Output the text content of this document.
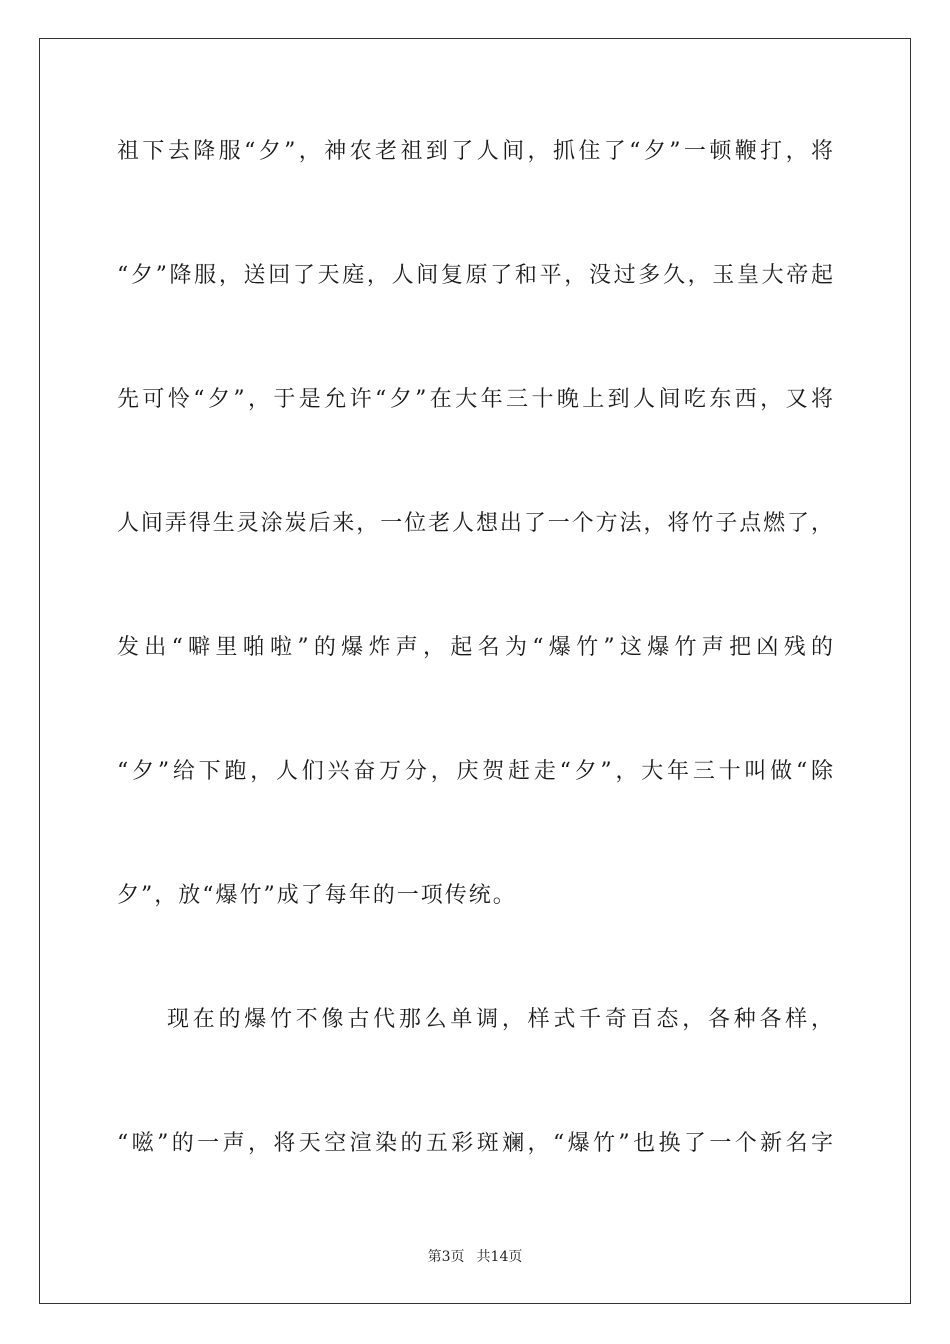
祖下去降服“夕”，神农老祖到了人间，抓住了“夕”一顿鞭打，将
“夕”降服，送回了天庭，人间复原了和平，没过多久，玉皇大帝起
先可怜“夕”，于是允许“夕”在大年三十晚上到人间吃东西，又将
人间弄得生灵涂炭后来，一位老人想出了一个方法，将竹子点燃了，
发出“噼里啪啦”的爆炸声，起名为“爆竹”这爆竹声把凶残的
“夕”给下跑，人们兴奋万分，庆贺赶走“夕”，大年三十叫做“除
夕”，放“爆竹”成了每年的一项传统。
现在的爆竹不像古代那么单调，样式千奇百态，各种各样，
“嗞”的一声，将天空渲染的五彩斑斓，“爆竹”也换了一个新名字
第3页 共14页
